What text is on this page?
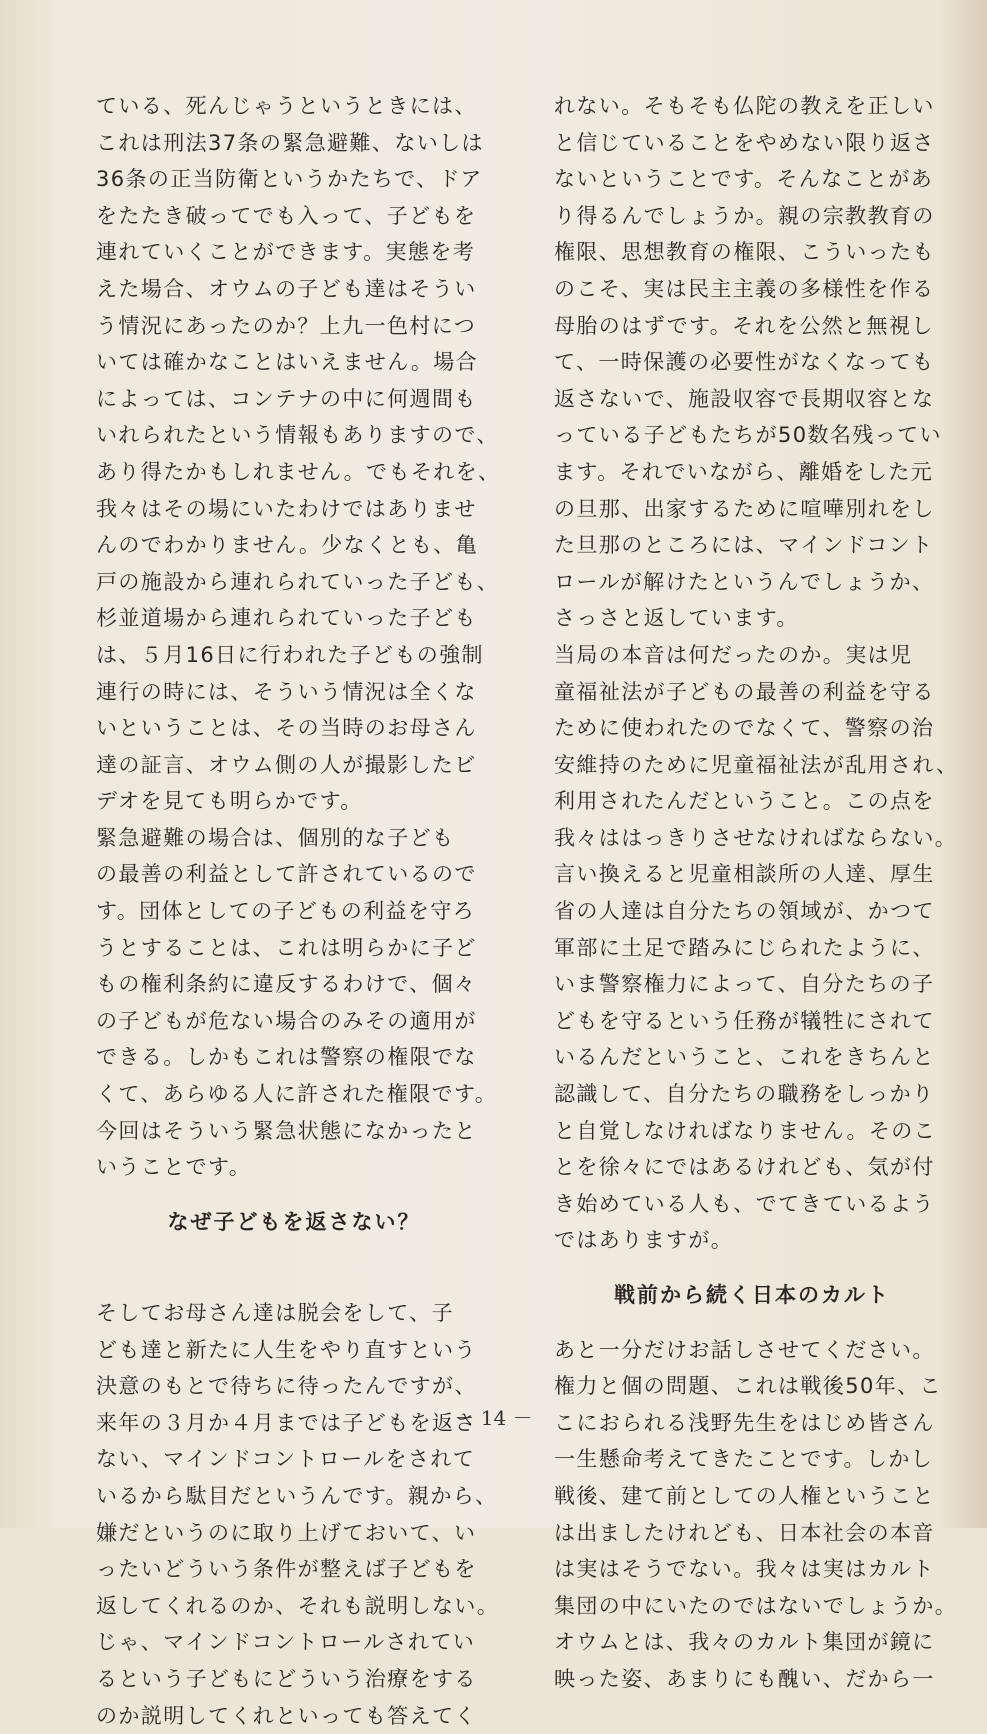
ている、死んじゃうというときには、
これは刑法37条の緊急避難、ないしは
36条の正当防衛というかたちで、ドア
をたたき破ってでも入って、子どもを
連れていくことができます。実態を考
えた場合、オウムの子ども達はそうい
う情況にあったのか？上九一色村につ
いては確かなことはいえません。場合
によっては、コンテナの中に何週間も
いれられたという情報もありますので、
あり得たかもしれません。でもそれを、
我々はその場にいたわけではありませ
んのでわかりません。少なくとも、亀
戸の施設から連れられていった子ども、
杉並道場から連れられていった子ども
は、５月16日に行われた子どもの強制
連行の時には、そういう情況は全くな
いということは、その当時のお母さん
達の証言、オウム側の人が撮影したビ
デオを見ても明らかです。
緊急避難の場合は、個別的な子ども
の最善の利益として許されているので
す。団体としての子どもの利益を守ろ
うとすることは、これは明らかに子ど
もの権利条約に違反するわけで、個々
の子どもが危ない場合のみその適用が
できる。しかもこれは警察の権限でな
くて、あらゆる人に許された権限です。
今回はそういう緊急状態になかったと
いうことです。
なぜ子どもを返さない？
そしてお母さん達は脱会をして、子
ども達と新たに人生をやり直すという
決意のもとで待ちに待ったんですが、
来年の３月か４月までは子どもを返さ
ない、マインドコントロールをされて
いるから駄目だというんです。親から、
嫌だというのに取り上げておいて、い
ったいどういう条件が整えば子どもを
返してくれるのか、それも説明しない。
じゃ、マインドコントロールされてい
るという子どもにどういう治療をする
のか説明してくれといっても答えてく
れない。そもそも仏陀の教えを正しい
と信じていることをやめない限り返さ
ないということです。そんなことがあ
り得るんでしょうか。親の宗教教育の
権限、思想教育の権限、こういったも
のこそ、実は民主主義の多様性を作る
母胎のはずです。それを公然と無視し
て、一時保護の必要性がなくなっても
返さないで、施設収容で長期収容とな
っている子どもたちが50数名残ってい
ます。それでいながら、離婚をした元
の旦那、出家するために喧嘩別れをし
た旦那のところには、マインドコント
ロールが解けたというんでしょうか、
さっさと返しています。
当局の本音は何だったのか。実は児
童福祉法が子どもの最善の利益を守る
ために使われたのでなくて、警察の治
安維持のために児童福祉法が乱用され、
利用されたんだということ。この点を
我々ははっきりさせなければならない。
言い換えると児童相談所の人達、厚生
省の人達は自分たちの領域が、かつて
軍部に土足で踏みにじられたように、
いま警察権力によって、自分たちの子
どもを守るという任務が犠牲にされて
いるんだということ、これをきちんと
認識して、自分たちの職務をしっかり
と自覚しなければなりません。そのこ
とを徐々にではあるけれども、気が付
き始めている人も、でてきているよう
ではありますが。
戦前から続く日本のカルト
あと一分だけお話しさせてください。
権力と個の問題、これは戦後50年、こ
こにおられる浅野先生をはじめ皆さん
一生懸命考えてきたことです。しかし
戦後、建て前としての人権ということ
は出ましたけれども、日本社会の本音
は実はそうでない。我々は実はカルト
集団の中にいたのではないでしょうか。
オウムとは、我々のカルト集団が鏡に
映った姿、あまりにも醜い、だから一
－ 14 －
